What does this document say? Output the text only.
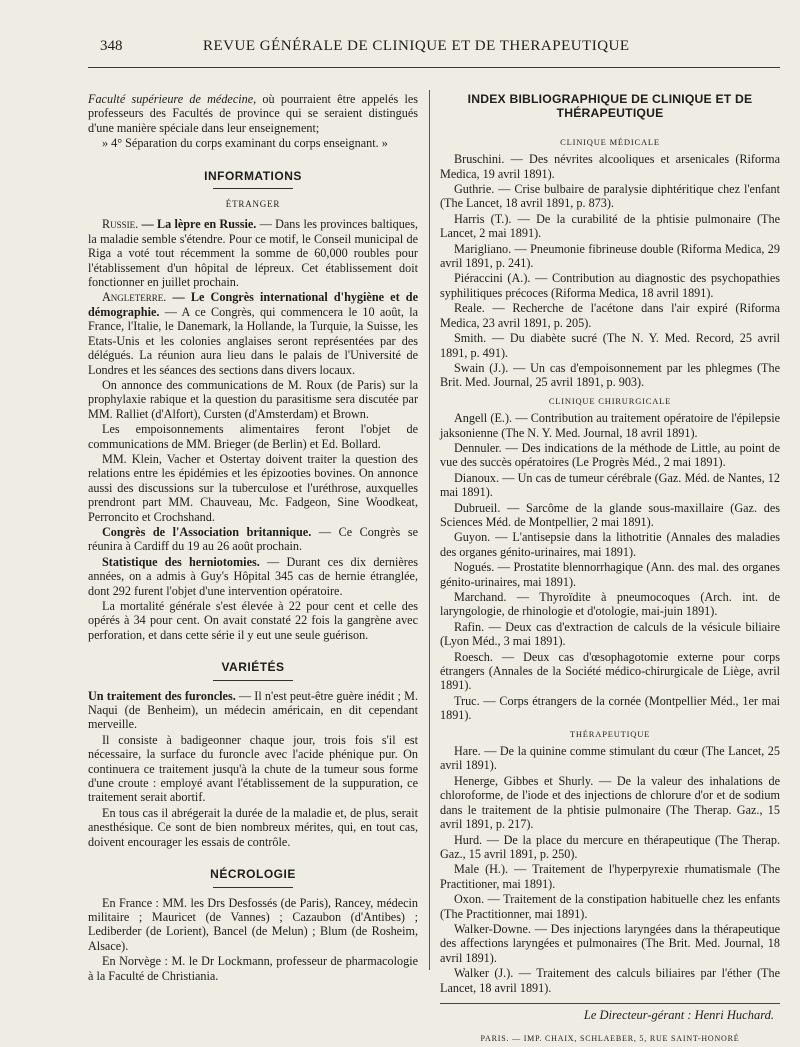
348	REVUE GÉNÉRALE DE CLINIQUE ET DE THERAPEUTIQUE

Faculté supérieure de médecine, où pourraient être appelés les professeurs des Facultés de province qui se seraient distingués d'une manière spéciale dans leur enseignement;

» 4° Séparation du corps examinant du corps enseignant. »

INFORMATIONS
ÉTRANGER

Russie. — La lèpre en Russie. — Dans les provinces baltiques, la maladie semble s'étendre. Pour ce motif, le Conseil municipal de Riga a voté tout récemment la somme de 60,000 roubles pour l'établissement d'un hôpital de lépreux. Cet établissement doit fonctionner en juillet prochain.

Angleterre. — Le Congrès international d'hygiène et de démographie. — A ce Congrès, qui commencera le 10 août, la France, l'Italie, le Danemark, la Hollande, la Turquie, la Suisse, les Etats-Unis et les colonies anglaises seront représentées par des délégués. La réunion aura lieu dans le palais de l'Université de Londres et les séances des sections dans divers locaux.

On annonce des communications de M. Roux (de Paris) sur la prophylaxie rabique et la question du parasitisme sera discutée par MM. Ralliet (d'Alfort), Cursten (d'Amsterdam) et Brown.

Les empoisonnements alimentaires feront l'objet de communications de MM. Brieger (de Berlin) et Ed. Bollard.

MM. Klein, Vacher et Ostertay doivent traiter la question des relations entre les épidémies et les épizooties bovines. On annonce aussi des discussions sur la tuberculose et l'uréthrose, auxquelles prendront part MM. Chauveau, Mc. Fadgeon, Sine Woodkeat, Perroncito et Crochshand.

Congrès de l'Association britannique. — Ce Congrès se réunira à Cardiff du 19 au 26 août prochain.

Statistique des herniotomies. — Durant ces dix dernières années, on a admis à Guy's Hôpital 345 cas de hernie étranglée, dont 292 furent l'objet d'une intervention opératoire.

La mortalité générale s'est élevée à 22 pour cent et celle des opérés à 34 pour cent. On avait constaté 22 fois la gangrène avec perforation, et dans cette série il y eut une seule guérison.

VARIÉTÉS

Un traitement des furoncles. — Il n'est peut-être guère inédit ; M. Naqui (de Benheim), un médecin américain, en dit cependant merveille.

Il consiste à badigeonner chaque jour, trois fois s'il est nécessaire, la surface du furoncle avec l'acide phénique pur. On continuera ce traitement jusqu'à la chute de la tumeur sous forme d'une croute : employé avant l'établissement de la suppuration, ce traitement serait abortif.

En tous cas il abrégerait la durée de la maladie et, de plus, serait anesthésique. Ce sont de bien nombreux mérites, qui, en tout cas, doivent encourager les essais de contrôle.

NÉCROLOGIE

En France : MM. les Drs Desfossés (de Paris), Rancey, médecin militaire ; Mauricet (de Vannes) ; Cazaubon (d'Antibes) ; Lediberder (de Lorient), Bancel (de Melun) ; Blum (de Rosheim, Alsace).

En Norvège : M. le Dr Lockmann, professeur de pharmacologie à la Faculté de Christiania.

INDEX BIBLIOGRAPHIQUE DE CLINIQUE ET DE THÉRAPEUTIQUE
CLINIQUE MÉDICALE

Bruschini. — Des névrites alcooliques et arsenicales (Riforma Medica, 19 avril 1891).

Guthrie. — Crise bulbaire de paralysie diphtéritique chez l'enfant (The Lancet, 18 avril 1891, p. 873).

Harris (T.). — De la curabilité de la phtisie pulmonaire (The Lancet, 2 mai 1891).

Marigliano. — Pneumonie fibrineuse double (Riforma Medica, 29 avril 1891, p. 241).

Piéraccini (A.). — Contribution au diagnostic des psychopathies syphilitiques précoces (Riforma Medica, 18 avril 1891).

Reale. — Recherche de l'acétone dans l'air expiré (Riforma Medica, 23 avril 1891, p. 205).

Smith. — Du diabète sucré (The N. Y. Med. Record, 25 avril 1891, p. 491).

Swain (J.). — Un cas d'empoisonnement par les phlegmes (The Brit. Med. Journal, 25 avril 1891, p. 903).

CLINIQUE CHIRURGICALE

Angell (E.). — Contribution au traitement opératoire de l'épilepsie jaksonienne (The N. Y. Med. Journal, 18 avril 1891).

Dennuler. — Des indications de la méthode de Little, au point de vue des succès opératoires (Le Progrès Méd., 2 mai 1891).

Dianoux. — Un cas de tumeur cérébrale (Gaz. Méd. de Nantes, 12 mai 1891).

Dubrueil. — Sarcôme de la glande sous-maxillaire (Gaz. des Sciences Méd. de Montpellier, 2 mai 1891).

Guyon. — L'antisepsie dans la lithotritie (Annales des maladies des organes génito-urinaires, mai 1891).

Nogués. — Prostatite blennorrhagique (Ann. des mal. des organes génito-urinaires, mai 1891).

Marchand. — Thyroïdite à pneumocoques (Arch. int. de laryngologie, de rhinologie et d'otologie, mai-juin 1891).

Rafin. — Deux cas d'extraction de calculs de la vésicule biliaire (Lyon Méd., 3 mai 1891).

Roesch. — Deux cas d'œsophagotomie externe pour corps étrangers (Annales de la Société médico-chirurgicale de Liège, avril 1891).

Truc. — Corps étrangers de la cornée (Montpellier Méd., 1er mai 1891).

THÉRAPEUTIQUE

Hare. — De la quinine comme stimulant du cœur (The Lancet, 25 avril 1891).

Henerge, Gibbes et Shurly. — De la valeur des inhalations de chloroforme, de l'iode et des injections de chlorure d'or et de sodium dans le traitement de la phtisie pulmonaire (The Therap. Gaz., 15 avril 1891, p. 217).

Hurd. — De la place du mercure en thérapeutique (The Therap. Gaz., 15 avril 1891, p. 250).

Male (H.). — Traitement de l'hyperpyrexie rhumatismale (The Practitioner, mai 1891).

Oxon. — Traitement de la constipation habituelle chez les enfants (The Practitionner, mai 1891).

Walker-Downe. — Des injections laryngées dans la thérapeutique des affections laryngées et pulmonaires (The Brit. Med. Journal, 18 avril 1891).

Walker (J.). — Traitement des calculs biliaires par l'éther (The Lancet, 18 avril 1891).

Le Directeur-gérant : Henri Huchard.
PARIS. — IMP. CHAIX, SCHLAEBER, 5, RUE SAINT-HONORÉ
